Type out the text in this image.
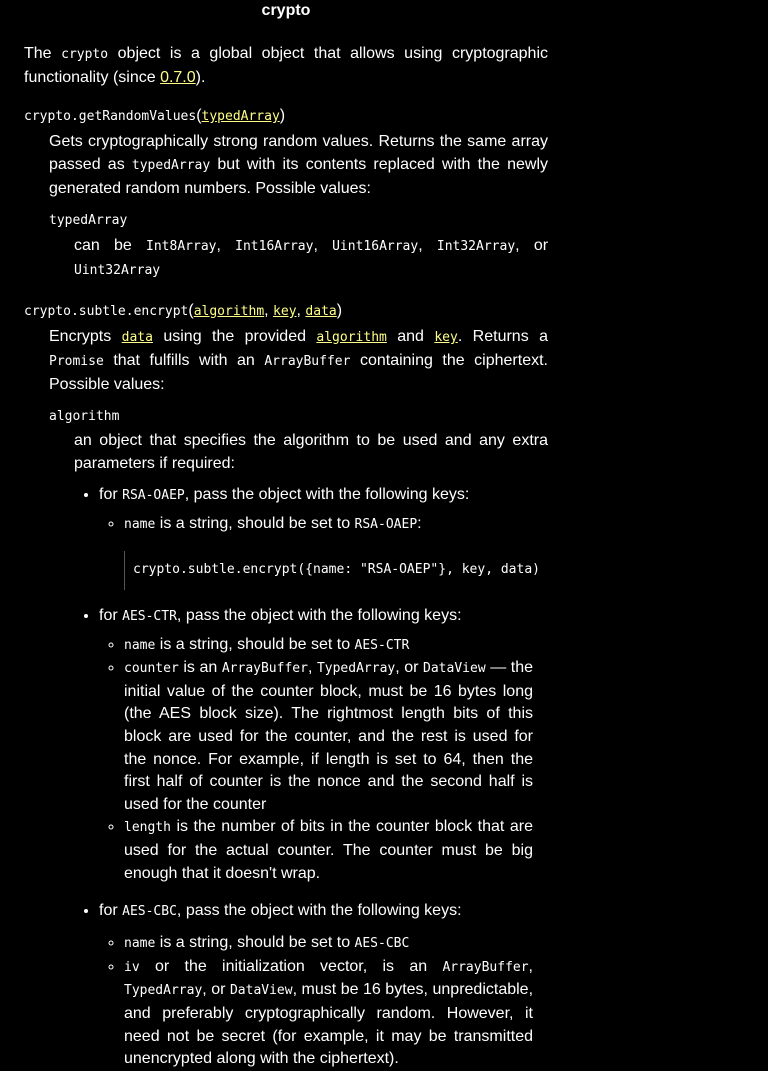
crypto

The crypto object is a global object that allows using cryptographic functionality (since 0.7.0).

crypto.getRandomValues(typedArray)
Gets cryptographically strong random values. Returns the same array passed as typedArray but with its contents replaced with the newly generated random numbers. Possible values:
typedArray
can be Int8Array, Int16Array, Uint16Array, Int32Array, or Uint32Array
crypto.subtle.encrypt(algorithm, key, data)
Encrypts data using the provided algorithm and key. Returns a Promise that fulfills with an ArrayBuffer containing the ciphertext. Possible values:
algorithm
an object that specifies the algorithm to be used and any extra parameters if required:
• for RSA-OAEP, pass the object with the following keys:
◦ name is a string, should be set to RSA-OAEP:
crypto.subtle.encrypt({name: "RSA-OAEP"}, key, data)
• for AES-CTR, pass the object with the following keys:
◦ name is a string, should be set to AES-CTR
◦ counter is an ArrayBuffer, TypedArray, or DataView — the initial value of the counter block, must be 16 bytes long (the AES block size). The rightmost length bits of this block are used for the counter, and the rest is used for the nonce. For example, if length is set to 64, then the first half of counter is the nonce and the second half is used for the counter
◦ length is the number of bits in the counter block that are used for the actual counter. The counter must be big enough that it doesn't wrap.
• for AES-CBC, pass the object with the following keys:
◦ name is a string, should be set to AES-CBC
◦ iv or the initialization vector, is an ArrayBuffer, TypedArray, or DataView, must be 16 bytes, unpredictable, and preferably cryptographically random. However, it need not be secret (for example, it may be transmitted unencrypted along with the ciphertext).
